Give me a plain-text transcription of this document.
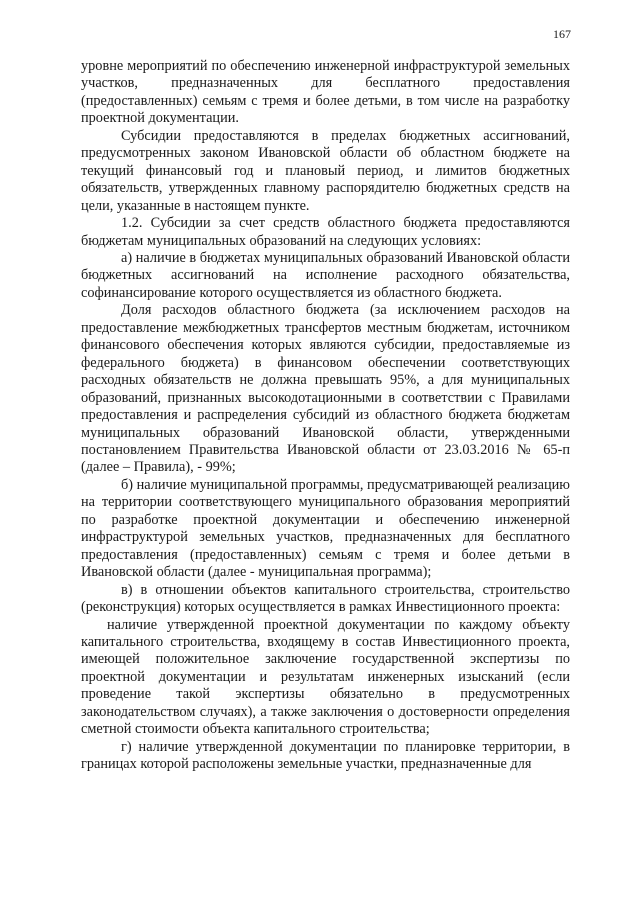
167

уровне мероприятий по обеспечению инженерной инфраструктурой земельных участков, предназначенных для бесплатного предоставления (предоставленных) семьям с тремя и более детьми, в том числе на разработку проектной документации.

Субсидии предоставляются в пределах бюджетных ассигнований, предусмотренных законом Ивановской области об областном бюджете на текущий финансовый год и плановый период, и лимитов бюджетных обязательств, утвержденных главному распорядителю бюджетных средств на цели, указанные в настоящем пункте.

1.2. Субсидии за счет средств областного бюджета предоставляются бюджетам муниципальных образований на следующих условиях:

а) наличие в бюджетах муниципальных образований Ивановской области бюджетных ассигнований на исполнение расходного обязательства, софинансирование которого осуществляется из областного бюджета.

Доля расходов областного бюджета (за исключением расходов на предоставление межбюджетных трансфертов местным бюджетам, источником финансового обеспечения которых являются субсидии, предоставляемые из федерального бюджета) в финансовом обеспечении соответствующих расходных обязательств не должна превышать 95%, а для муниципальных образований, признанных высокодотационными в соответствии с Правилами предоставления и распределения субсидий из областного бюджета бюджетам муниципальных образований Ивановской области, утвержденными постановлением Правительства Ивановской области от 23.03.2016 № 65-п (далее – Правила), - 99%;

б) наличие муниципальной программы, предусматривающей реализацию на территории соответствующего муниципального образования мероприятий по разработке проектной документации и обеспечению инженерной инфраструктурой земельных участков, предназначенных для бесплатного предоставления (предоставленных) семьям с тремя и более детьми в Ивановской области (далее - муниципальная программа);

в) в отношении объектов капитального строительства, строительство (реконструкция) которых осуществляется в рамках Инвестиционного проекта:

наличие утвержденной проектной документации по каждому объекту капитального строительства, входящему в состав Инвестиционного проекта, имеющей положительное заключение государственной экспертизы по проектной документации и результатам инженерных изысканий (если проведение такой экспертизы обязательно в предусмотренных законодательством случаях), а также заключения о достоверности определения сметной стоимости объекта капитального строительства;

г) наличие утвержденной документации по планировке территории, в границах которой расположены земельные участки, предназначенные для
